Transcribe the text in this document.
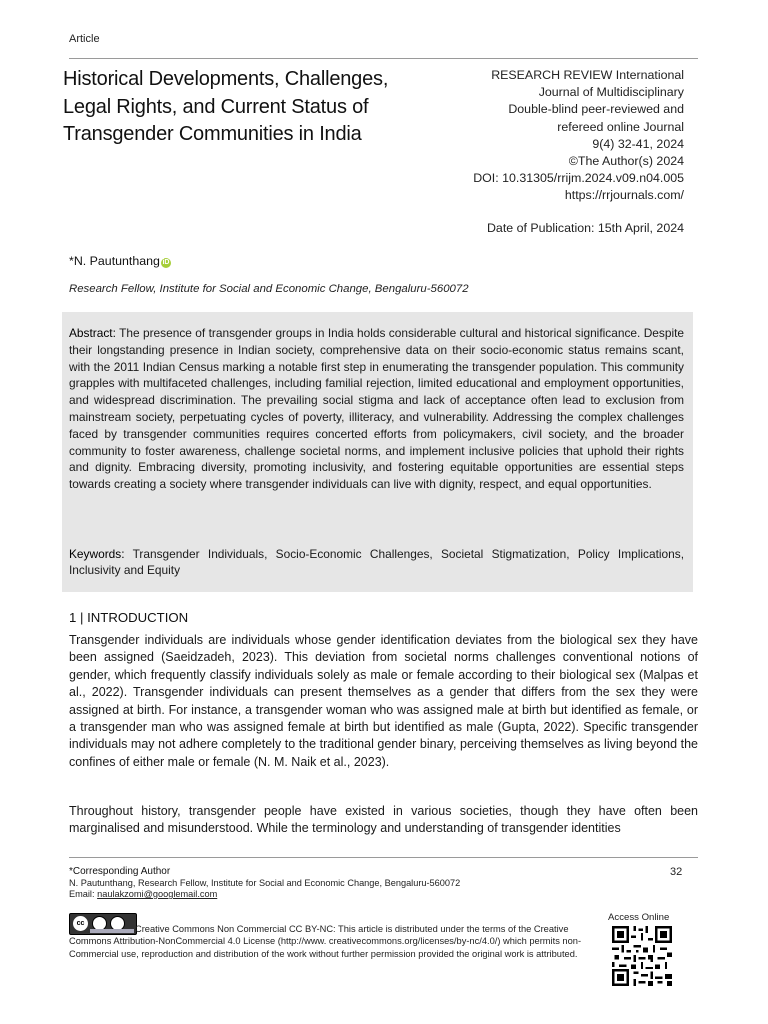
Article
Historical Developments, Challenges, Legal Rights, and Current Status of Transgender Communities in India
RESEARCH REVIEW International
Journal of Multidisciplinary
Double-blind peer-reviewed and
refereed online Journal
9(4) 32-41, 2024
©The Author(s) 2024
DOI: 10.31305/rrijm.2024.v09.n04.005
https://rrjournals.com/
Date of Publication: 15th April, 2024
*N. Pautunthang iD
Research Fellow, Institute for Social and Economic Change, Bengaluru-560072
Abstract: The presence of transgender groups in India holds considerable cultural and historical significance. Despite their longstanding presence in Indian society, comprehensive data on their socio-economic status remains scant, with the 2011 Indian Census marking a notable first step in enumerating the transgender population. This community grapples with multifaceted challenges, including familial rejection, limited educational and employment opportunities, and widespread discrimination. The prevailing social stigma and lack of acceptance often lead to exclusion from mainstream society, perpetuating cycles of poverty, illiteracy, and vulnerability. Addressing the complex challenges faced by transgender communities requires concerted efforts from policymakers, civil society, and the broader community to foster awareness, challenge societal norms, and implement inclusive policies that uphold their rights and dignity. Embracing diversity, promoting inclusivity, and fostering equitable opportunities are essential steps towards creating a society where transgender individuals can live with dignity, respect, and equal opportunities.
Keywords: Transgender Individuals, Socio-Economic Challenges, Societal Stigmatization, Policy Implications, Inclusivity and Equity
1 | INTRODUCTION
Transgender individuals are individuals whose gender identification deviates from the biological sex they have been assigned (Saeidzadeh, 2023). This deviation from societal norms challenges conventional notions of gender, which frequently classify individuals solely as male or female according to their biological sex (Malpas et al., 2022). Transgender individuals can present themselves as a gender that differs from the sex they were assigned at birth. For instance, a transgender woman who was assigned male at birth but identified as female, or a transgender man who was assigned female at birth but identified as male (Gupta, 2022). Specific transgender individuals may not adhere completely to the traditional gender binary, perceiving themselves as living beyond the confines of either male or female (N. M. Naik et al., 2023).
Throughout history, transgender people have existed in various societies, though they have often been marginalised and misunderstood. While the terminology and understanding of transgender identities
*Corresponding Author	32
N. Pautunthang, Research Fellow, Institute for Social and Economic Change, Bengaluru-560072
Email: naulakzomi@googlemail.com
cc
Creative Commons Non Commercial CC BY-NC: This article is distributed under the terms of the Creative Commons Attribution-NonCommercial 4.0 License (http://www. creativecommons.org/licenses/by-nc/4.0/) which permits non-Commercial use, reproduction and distribution of the work without further permission provided the original work is attributed.
Access Online
